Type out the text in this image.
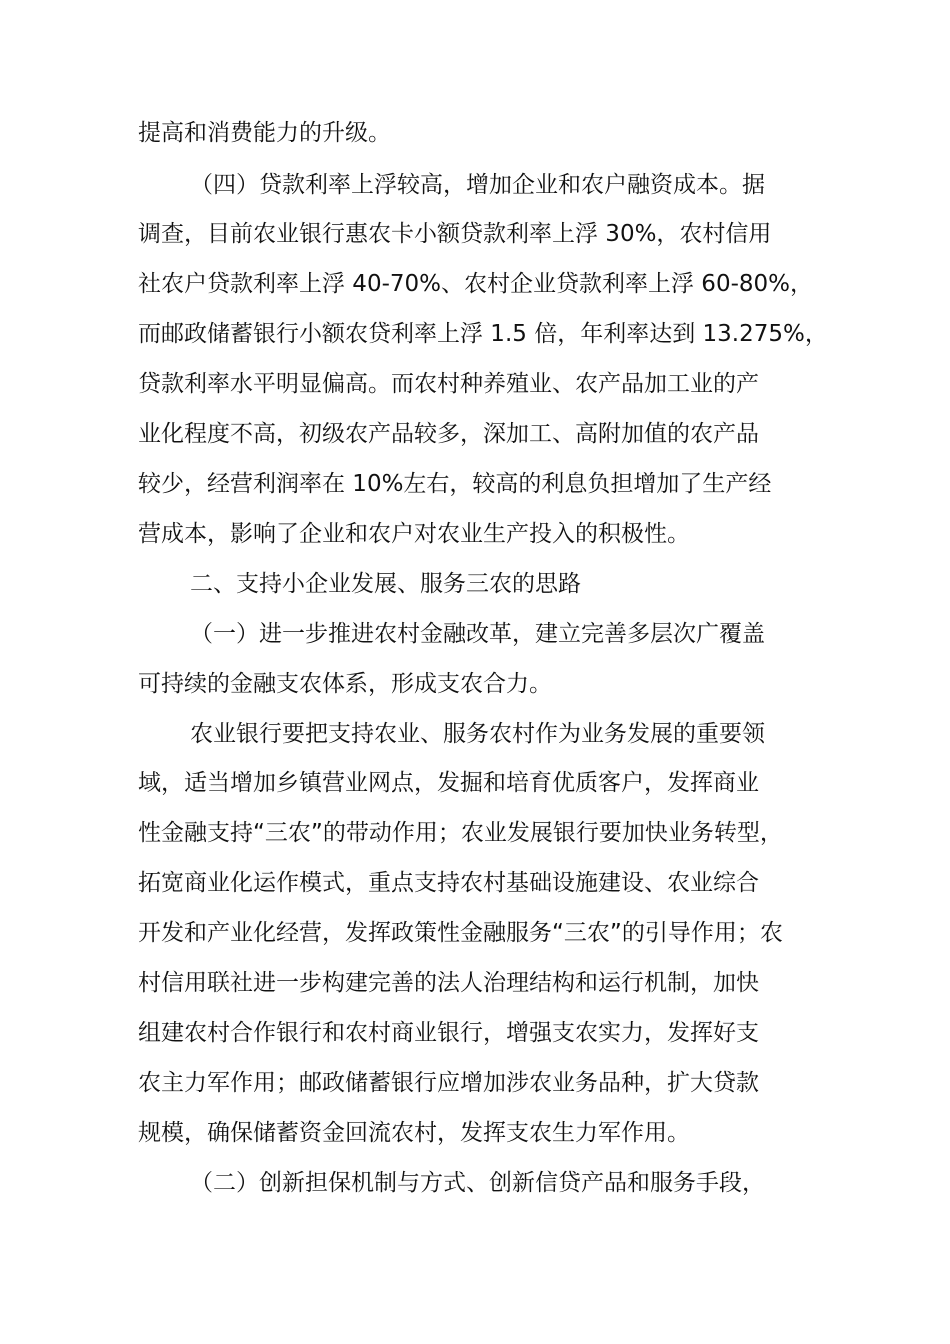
提高和消费能力的升级。
（四）贷款利率上浮较高，增加企业和农户融资成本。据
调查，目前农业银行惠农卡小额贷款利率上浮 30%，农村信用
社农户贷款利率上浮 40-70%、农村企业贷款利率上浮 60-80%，
而邮政储蓄银行小额农贷利率上浮 1.5 倍，年利率达到 13.275%，
贷款利率水平明显偏高。而农村种养殖业、农产品加工业的产
业化程度不高，初级农产品较多，深加工、高附加值的农产品
较少，经营利润率在 10%左右，较高的利息负担增加了生产经
营成本，影响了企业和农户对农业生产投入的积极性。
二、支持小企业发展、服务三农的思路
（一）进一步推进农村金融改革，建立完善多层次广覆盖
可持续的金融支农体系，形成支农合力。
农业银行要把支持农业、服务农村作为业务发展的重要领
域，适当增加乡镇营业网点，发掘和培育优质客户，发挥商业
性金融支持“三农”的带动作用；农业发展银行要加快业务转型，
拓宽商业化运作模式，重点支持农村基础设施建设、农业综合
开发和产业化经营，发挥政策性金融服务“三农”的引导作用；农
村信用联社进一步构建完善的法人治理结构和运行机制，加快
组建农村合作银行和农村商业银行，增强支农实力，发挥好支
农主力军作用；邮政储蓄银行应增加涉农业务品种，扩大贷款
规模，确保储蓄资金回流农村，发挥支农生力军作用。
（二）创新担保机制与方式、创新信贷产品和服务手段，
